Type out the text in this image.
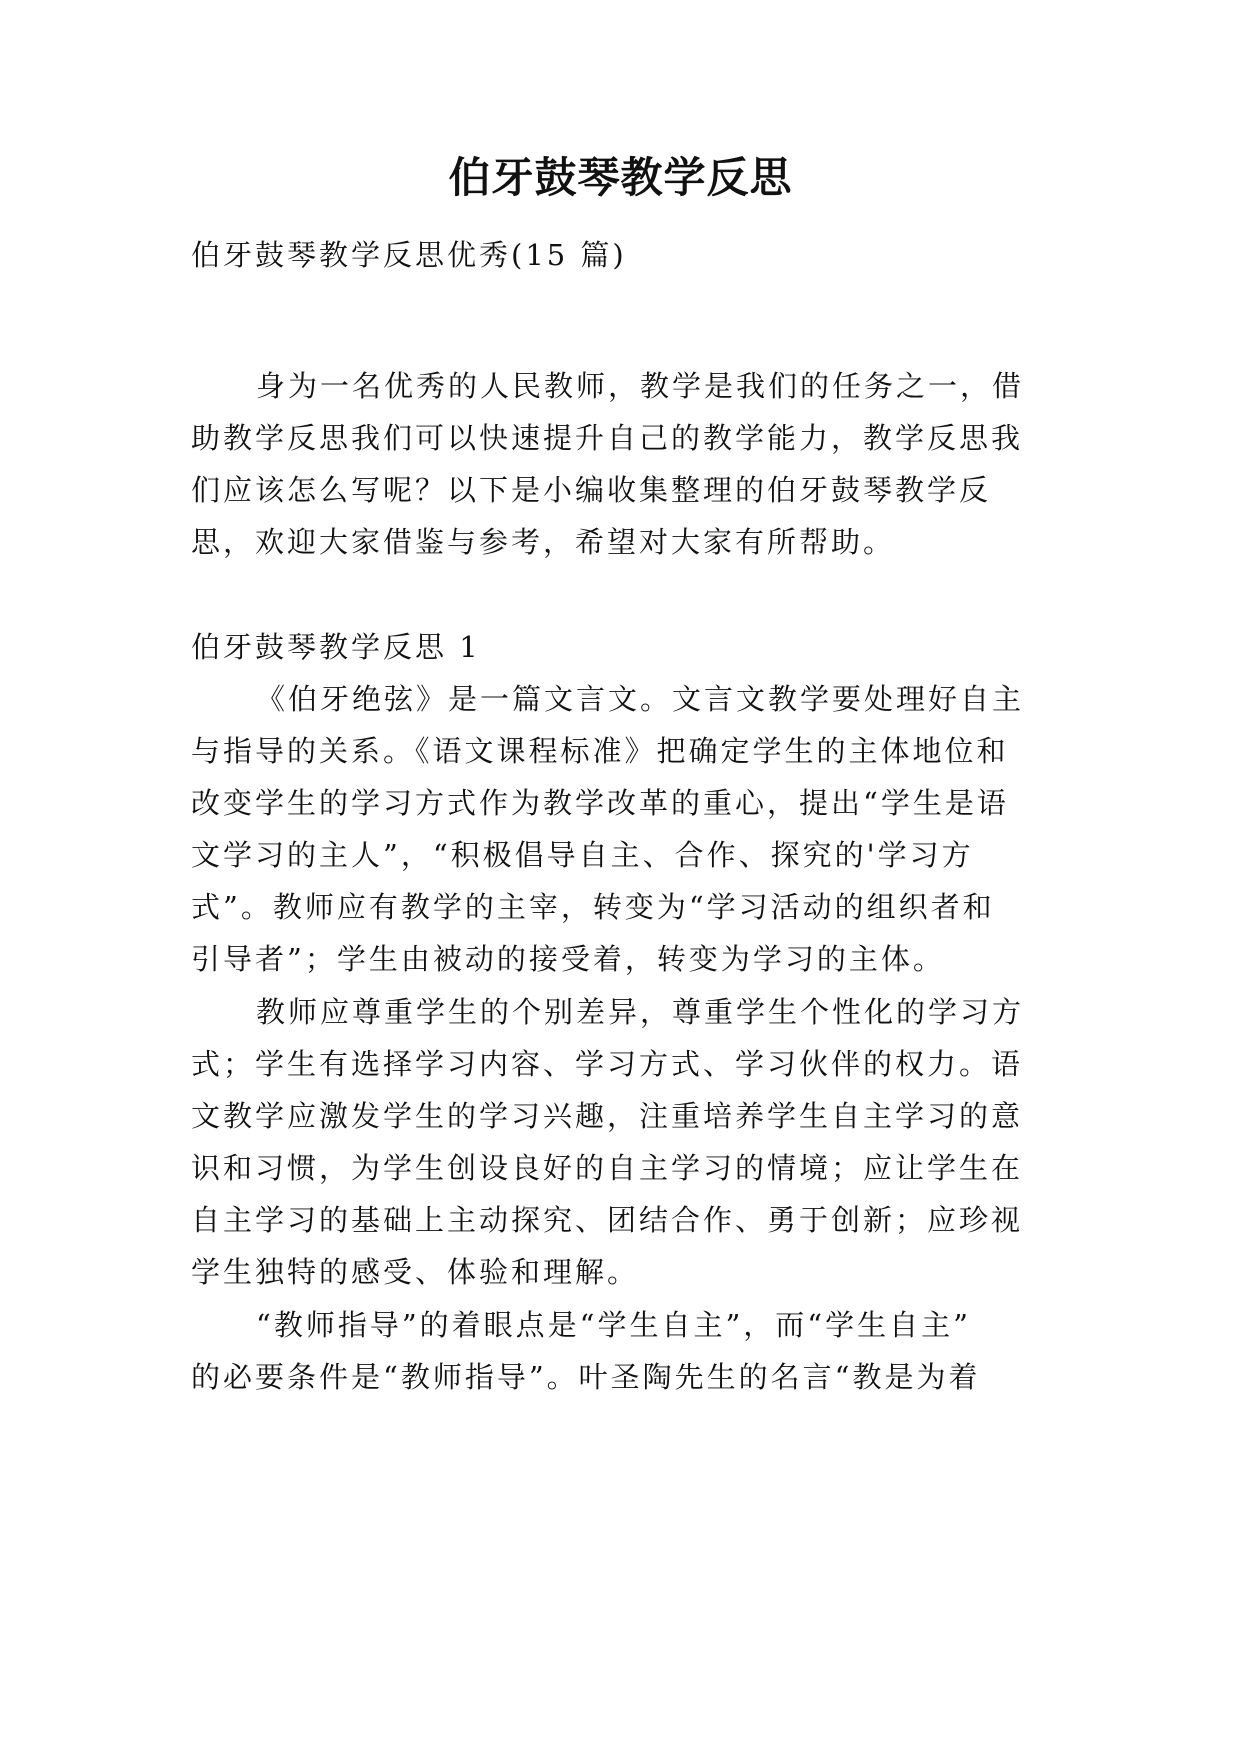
伯牙鼓琴教学反思
伯牙鼓琴教学反思优秀(15 篇)
身为一名优秀的人民教师，教学是我们的任务之一，借
助教学反思我们可以快速提升自己的教学能力，教学反思我
们应该怎么写呢？以下是小编收集整理的伯牙鼓琴教学反
思，欢迎大家借鉴与参考，希望对大家有所帮助。
伯牙鼓琴教学反思 1
《伯牙绝弦》是一篇文言文。文言文教学要处理好自主
与指导的关系。《语文课程标准》把确定学生的主体地位和
改变学生的学习方式作为教学改革的重心，提出“学生是语
文学习的主人”，“积极倡导自主、合作、探究的'学习方
式”。教师应有教学的主宰，转变为“学习活动的组织者和
引导者”；学生由被动的接受着，转变为学习的主体。
教师应尊重学生的个别差异，尊重学生个性化的学习方
式；学生有选择学习内容、学习方式、学习伙伴的权力。语
文教学应激发学生的学习兴趣，注重培养学生自主学习的意
识和习惯，为学生创设良好的自主学习的情境；应让学生在
自主学习的基础上主动探究、团结合作、勇于创新；应珍视
学生独特的感受、体验和理解。
“教师指导”的着眼点是“学生自主”，而“学生自主”
的必要条件是“教师指导”。叶圣陶先生的名言“教是为着
